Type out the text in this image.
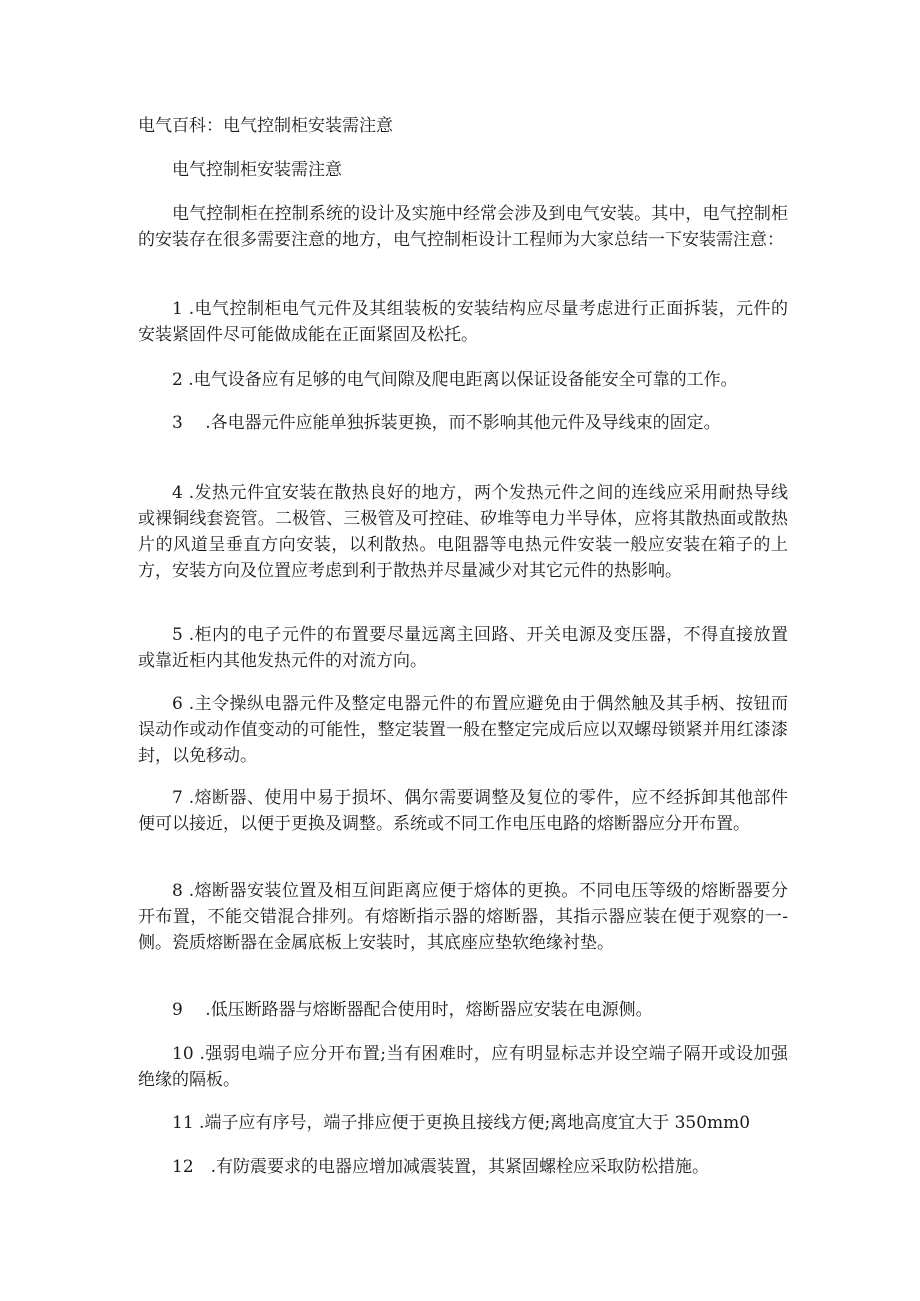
电气百科：电气控制柜安装需注意

电气控制柜安装需注意

电气控制柜在控制系统的设计及实施中经常会涉及到电气安装。其中，电气控制柜的安装存在很多需要注意的地方，电气控制柜设计工程师为大家总结一下安装需注意：

1 .电气控制柜电气元件及其组装板的安装结构应尽量考虑进行正面拆装，元件的安装紧固件尽可能做成能在正面紧固及松托。

2 .电气设备应有足够的电气间隙及爬电距离以保证设备能安全可靠的工作。

3　 .各电器元件应能单独拆装更换，而不影响其他元件及导线束的固定。

4 .发热元件宜安装在散热良好的地方，两个发热元件之间的连线应采用耐热导线或裸铜线套瓷管。二极管、三极管及可控硅、矽堆等电力半导体，应将其散热面或散热片的风道呈垂直方向安装，以利散热。电阻器等电热元件安装一般应安装在箱子的上方，安装方向及位置应考虑到利于散热并尽量减少对其它元件的热影响。

5 .柜内的电子元件的布置要尽量远离主回路、开关电源及变压器，不得直接放置或靠近柜内其他发热元件的对流方向。

6 .主令操纵电器元件及整定电器元件的布置应避免由于偶然触及其手柄、按钮而误动作或动作值变动的可能性，整定装置一般在整定完成后应以双螺母锁紧并用红漆漆封，以免移动。

7 .熔断器、使用中易于损坏、偶尔需要调整及复位的零件，应不经拆卸其他部件便可以接近，以便于更换及调整。系统或不同工作电压电路的熔断器应分开布置。

8 .熔断器安装位置及相互间距离应便于熔体的更换。不同电压等级的熔断器要分开布置，不能交错混合排列。有熔断指示器的熔断器，其指示器应装在便于观察的一-侧。瓷质熔断器在金属底板上安装时，其底座应垫软绝缘衬垫。

9　 .低压断路器与熔断器配合使用时，熔断器应安装在电源侧。

10 .强弱电端子应分开布置;当有困难时，应有明显标志并设空端子隔开或设加强绝缘的隔板。

11 .端子应有序号，端子排应便于更换且接线方便;离地高度宜大于 350mm0

12　.有防震要求的电器应增加减震装置，其紧固螺栓应采取防松措施。
